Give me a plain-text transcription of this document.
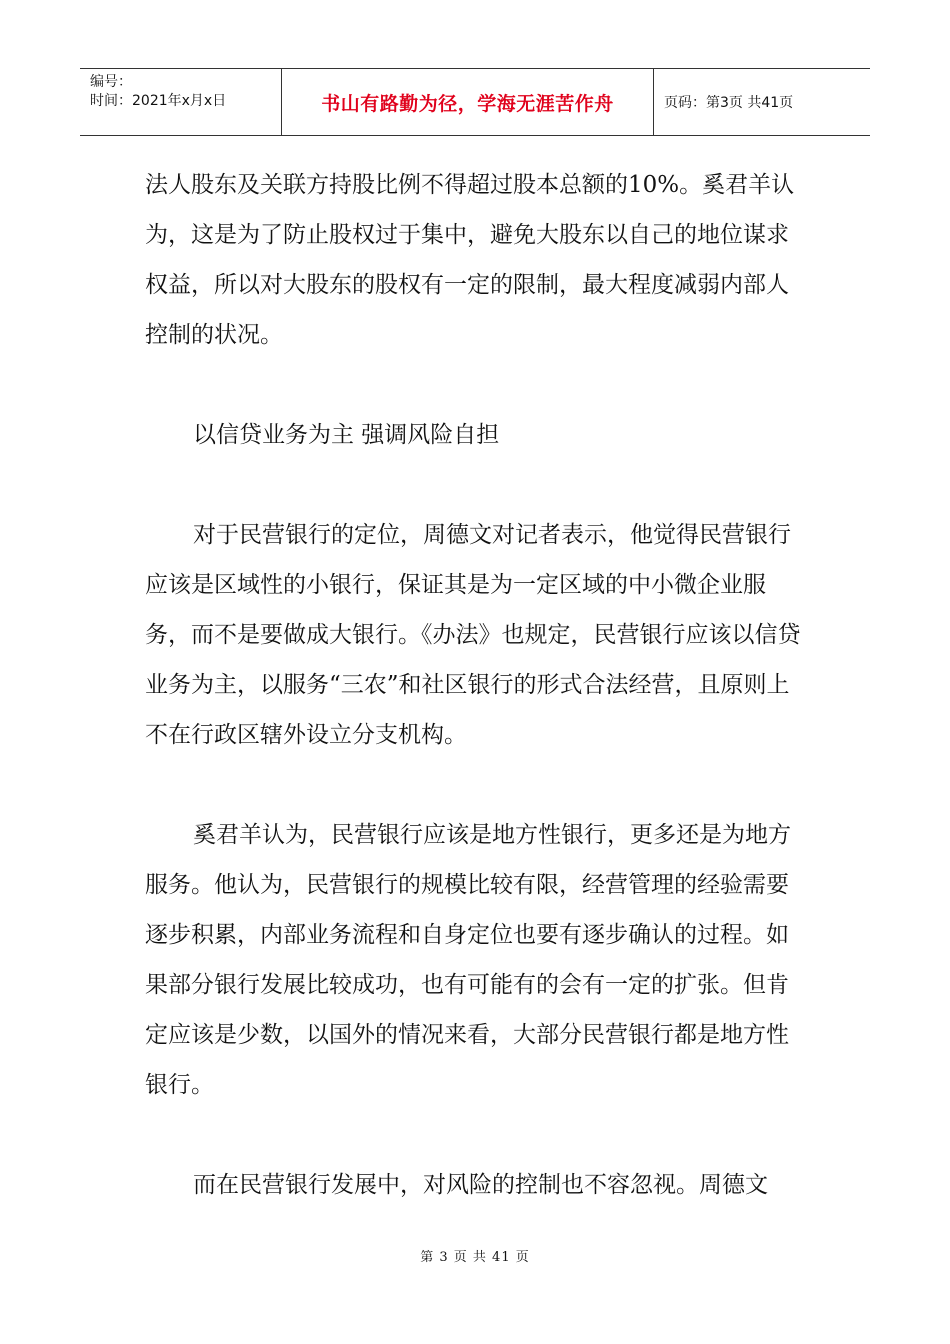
编号：
时间：2021年x月x日	书山有路勤为径，学海无涯苦作舟	页码：第3页 共41页

法人股东及关联方持股比例不得超过股本总额的10%。奚君羊认为，这是为了防止股权过于集中，避免大股东以自己的地位谋求权益，所以对大股东的股权有一定的限制，最大程度减弱内部人控制的状况。

以信贷业务为主 强调风险自担

对于民营银行的定位，周德文对记者表示，他觉得民营银行应该是区域性的小银行，保证其是为一定区域的中小微企业服务，而不是要做成大银行。《办法》也规定，民营银行应该以信贷业务为主，以服务“三农”和社区银行的形式合法经营，且原则上不在行政区辖外设立分支机构。

奚君羊认为，民营银行应该是地方性银行，更多还是为地方服务。他认为，民营银行的规模比较有限，经营管理的经验需要逐步积累，内部业务流程和自身定位也要有逐步确认的过程。如果部分银行发展比较成功，也有可能有的会有一定的扩张。但肯定应该是少数，以国外的情况来看，大部分民营银行都是地方性银行。

而在民营银行发展中，对风险的控制也不容忽视。周德文

第 3 页 共 41 页
